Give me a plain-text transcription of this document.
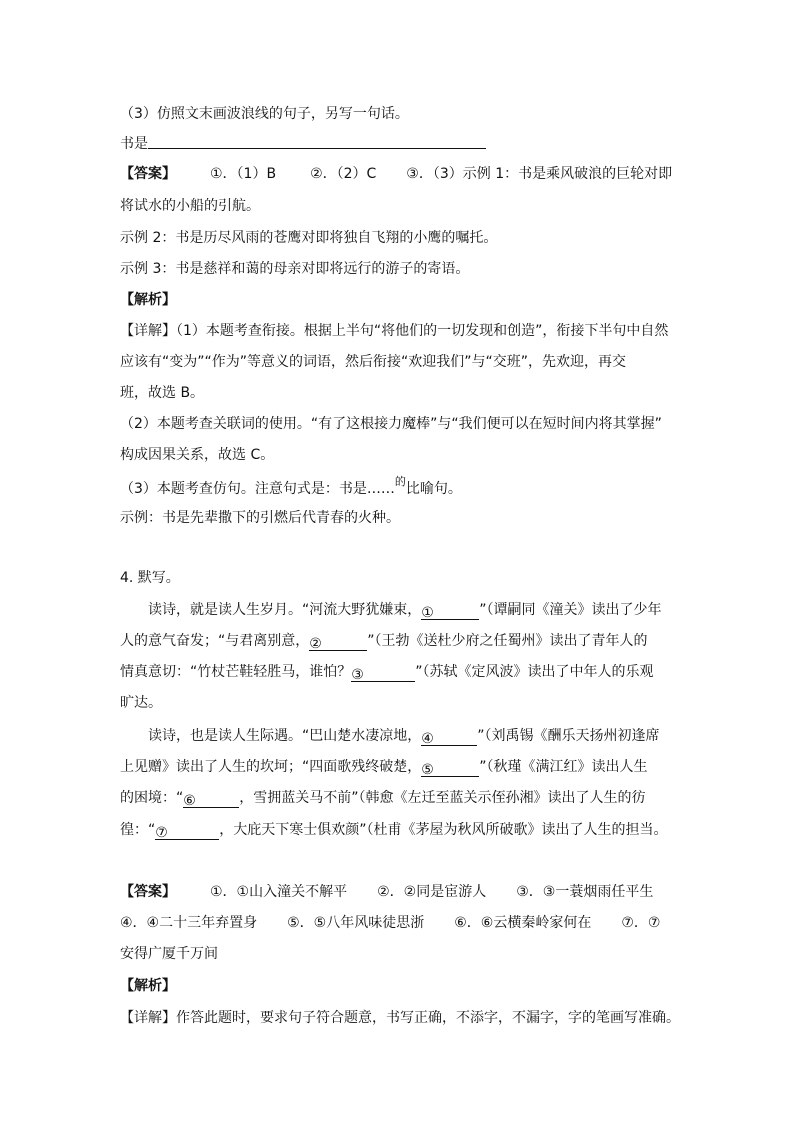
（3）仿照文末画波浪线的句子，另写一句话。
书是
【答案】 ①．（1）B ②．（2）C ③．（3）示例 1：书是乘风破浪的巨轮对即
将试水的小船的引航。
示例 2：书是历尽风雨的苍鹰对即将独自飞翔的小鹰的嘱托。
示例 3：书是慈祥和蔼的母亲对即将远行的游子的寄语。
【解析】
【详解】（1）本题考查衔接。根据上半句“将他们的一切发现和创造”，衔接下半句中自然
应该有“变为”“作为”等意义的词语，然后衔接“欢迎我们”与“交班”，先欢迎，再交
班，故选 B。
（2）本题考查关联词的使用。“有了这根接力魔棒”与“我们便可以在短时间内将其掌握”
构成因果关系，故选 C。
（3）本题考查仿句。注意句式是：书是……$^的$比喻句。
示例：书是先辈撒下的引燃后代青春的火种。
4. 默写。
读诗，就是读人生岁月。“河流大野犹嫌束，①	”（谭嗣同《潼关》读出了少年
人的意气奋发；“与君离别意，②	”（王勃《送杜少府之任蜀州》读出了青年人的
情真意切：“竹杖芒鞋轻胜马，谁怕？③	”（苏轼《定风波》读出了中年人的乐观
旷达。
读诗，也是读人生际遇。“巴山楚水凄凉地，④	”（刘禹锡《酬乐天扬州初逢席
上见赠》读出了人生的坎坷；“四面歌残终破楚，⑤	”（秋瑾《满江红》读出人生
的困境：“⑥	，雪拥蓝关马不前”（韩愈《左迁至蓝关示侄孙湘》读出了人生的彷
徨：“⑦	，大庇天下寒士俱欢颜”（杜甫《茅屋为秋风所破歌》读出了人生的担当。
【答案】 ①．①山入潼关不解平 ②．②同是宦游人 ③．③一蓑烟雨任平生
④．④二十三年弃置身 ⑤．⑤八年风味徒思浙 ⑥．⑥云横秦岭家何在 ⑦．⑦
安得广厦千万间
【解析】
【详解】作答此题时，要求句子符合题意，书写正确，不添字，不漏字，字的笔画写准确。
